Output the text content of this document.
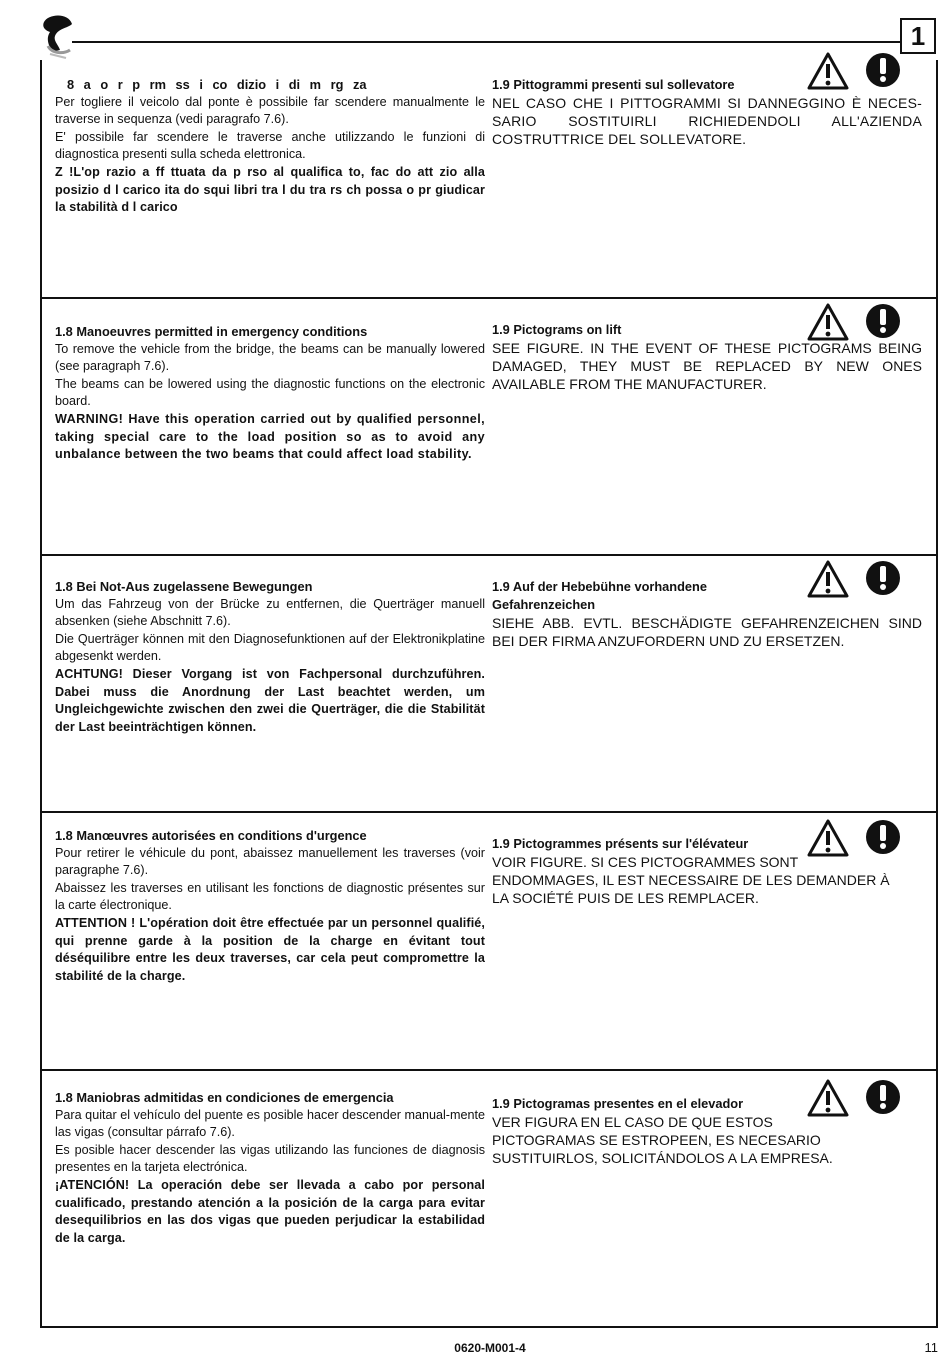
1
8 a o r p rm ss i co dizio i di m rg za
Per togliere il veicolo dal ponte è possibile far scendere manualmente le traverse in sequenza (vedi paragrafo 7.6).
E' possibile far scendere le traverse anche utilizzando le funzioni di diagnostica presenti sulla scheda elettronica.
Z !L'op razio a ff ttuata da p rso al qualifica to, fac do att zio alla posizio d l carico ita do squi libri tra l du tra rs ch possa o pr giudicar la stabilità d l carico
1.9 Pittogrammi presenti sul sollevatore
NEL CASO CHE I PITTOGRAMMI SI DANNEGGINO È NECES-SARIO SOSTITUIRLI RICHIEDENDOLI ALL'AZIENDA COSTRUTTRICE DEL SOLLEVATORE.
1.8 Manoeuvres permitted in emergency conditions
To remove the vehicle from the bridge, the beams can be manually lowered (see paragraph 7.6).
The beams can be lowered using the diagnostic functions on the electronic board.
WARNING! Have this operation carried out by qualified personnel, taking special care to the load position so as to avoid any unbalance between the two beams that could affect load stability.
1.9 Pictograms on lift
SEE FIGURE. IN THE EVENT OF THESE PICTOGRAMS BEING DAMAGED, THEY MUST BE REPLACED BY NEW ONES AVAILABLE FROM THE MANUFACTURER.
1.8 Bei Not-Aus zugelassene Bewegungen
Um das Fahrzeug von der Brücke zu entfernen, die Querträger manuell absenken (siehe Abschnitt 7.6).
Die Querträger können mit den Diagnosefunktionen auf der Elektronikplatine abgesenkt werden.
ACHTUNG! Dieser Vorgang ist von Fachpersonal durchzuführen. Dabei muss die Anordnung der Last beachtet werden, um Ungleichgewichte zwischen den zwei die Querträger, die die Stabilität der Last beeinträchtigen können.
1.9 Auf der Hebebühne vorhandene Gefahrenzeichen
SIEHE ABB. EVTL. BESCHÄDIGTE GEFAHRENZEICHEN SIND BEI DER FIRMA ANZUFORDERN UND ZU ERSETZEN.
1.8 Manœuvres autorisées en conditions d'urgence
Pour retirer le véhicule du pont, abaissez manuellement les traverses (voir paragraphe 7.6).
Abaissez les traverses en utilisant les fonctions de diagnostic présentes sur la carte électronique.
ATTENTION ! L'opération doit être effectuée par un personnel qualifié, qui prenne garde à la position de la charge en évitant tout déséquilibre entre les deux traverses, car cela peut compromettre la stabilité de la charge.
1.9 Pictogrammes présents sur l'élévateur
VOIR FIGURE. SI CES PICTOGRAMMES SONT ENDOMMAGES, IL EST NECESSAIRE DE LES DEMANDER À LA SOCIÉTÉ PUIS DE LES REMPLACER.
1.8 Maniobras admitidas en condiciones de emergencia
Para quitar el vehículo del puente es posible hacer descender manual-mente las vigas (consultar párrafo 7.6).
Es posible hacer descender las vigas utilizando las funciones de diagnosis presentes en la tarjeta electrónica.
¡ATENCIÓN! La operación debe ser llevada a cabo por personal cualificado, prestando atención a la posición de la carga para evitar desequilibrios en las dos vigas que pueden perjudicar la estabilidad de la carga.
1.9 Pictogramas presentes en el elevador
VER FIGURA EN EL CASO DE QUE ESTOS PICTOGRAMAS SE ESTROPEEN, ES NECESARIO SUSTITUIRLOS, SOLICITÁNDOLOS A LA EMPRESA.
0620-M001-4	11
